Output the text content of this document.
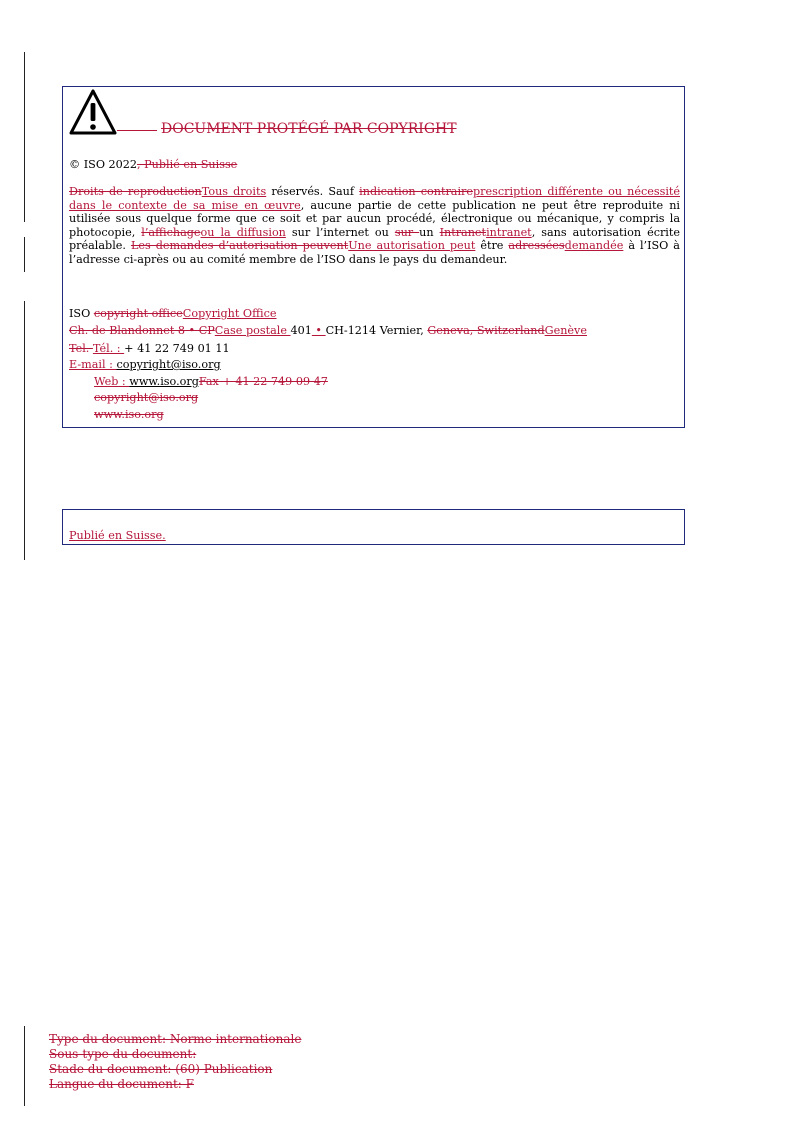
DOCUMENT PROTÉGÉ PAR COPYRIGHT
© ISO 2022, Publié en Suisse
Droits de reproductionTous droits réservés. Sauf indication contraireprescription différente ou nécessité dans le contexte de sa mise en œuvre, aucune partie de cette publication ne peut être reproduite ni utilisée sous quelque forme que ce soit et par aucun procédé, électronique ou mécanique, y compris la photocopie, l’affichageou la diffusion sur l’internet ou sur un Intranetintranet, sans autorisation écrite préalable. Les demandes d’autorisation peuventUne autorisation peut être adresséesdemandée à l’ISO à l’adresse ci-après ou au comité membre de l’ISO dans le pays du demandeur.
ISO copyright officeCopyright Office
Ch. de Blandonnet 8 • CPCase postale 401 • CH-1214 Vernier, Geneva, SwitzerlandGenève
Tel. Tél. : + 41 22 749 01 11
E-mail : copyright@iso.org
Web : www.iso.orgFax + 41 22 749 09 47
copyright@iso.org
www.iso.org
Publié en Suisse.
Type du document: Norme internationale
Sous-type du document:
Stade du document: (60) Publication
Langue du document: F
